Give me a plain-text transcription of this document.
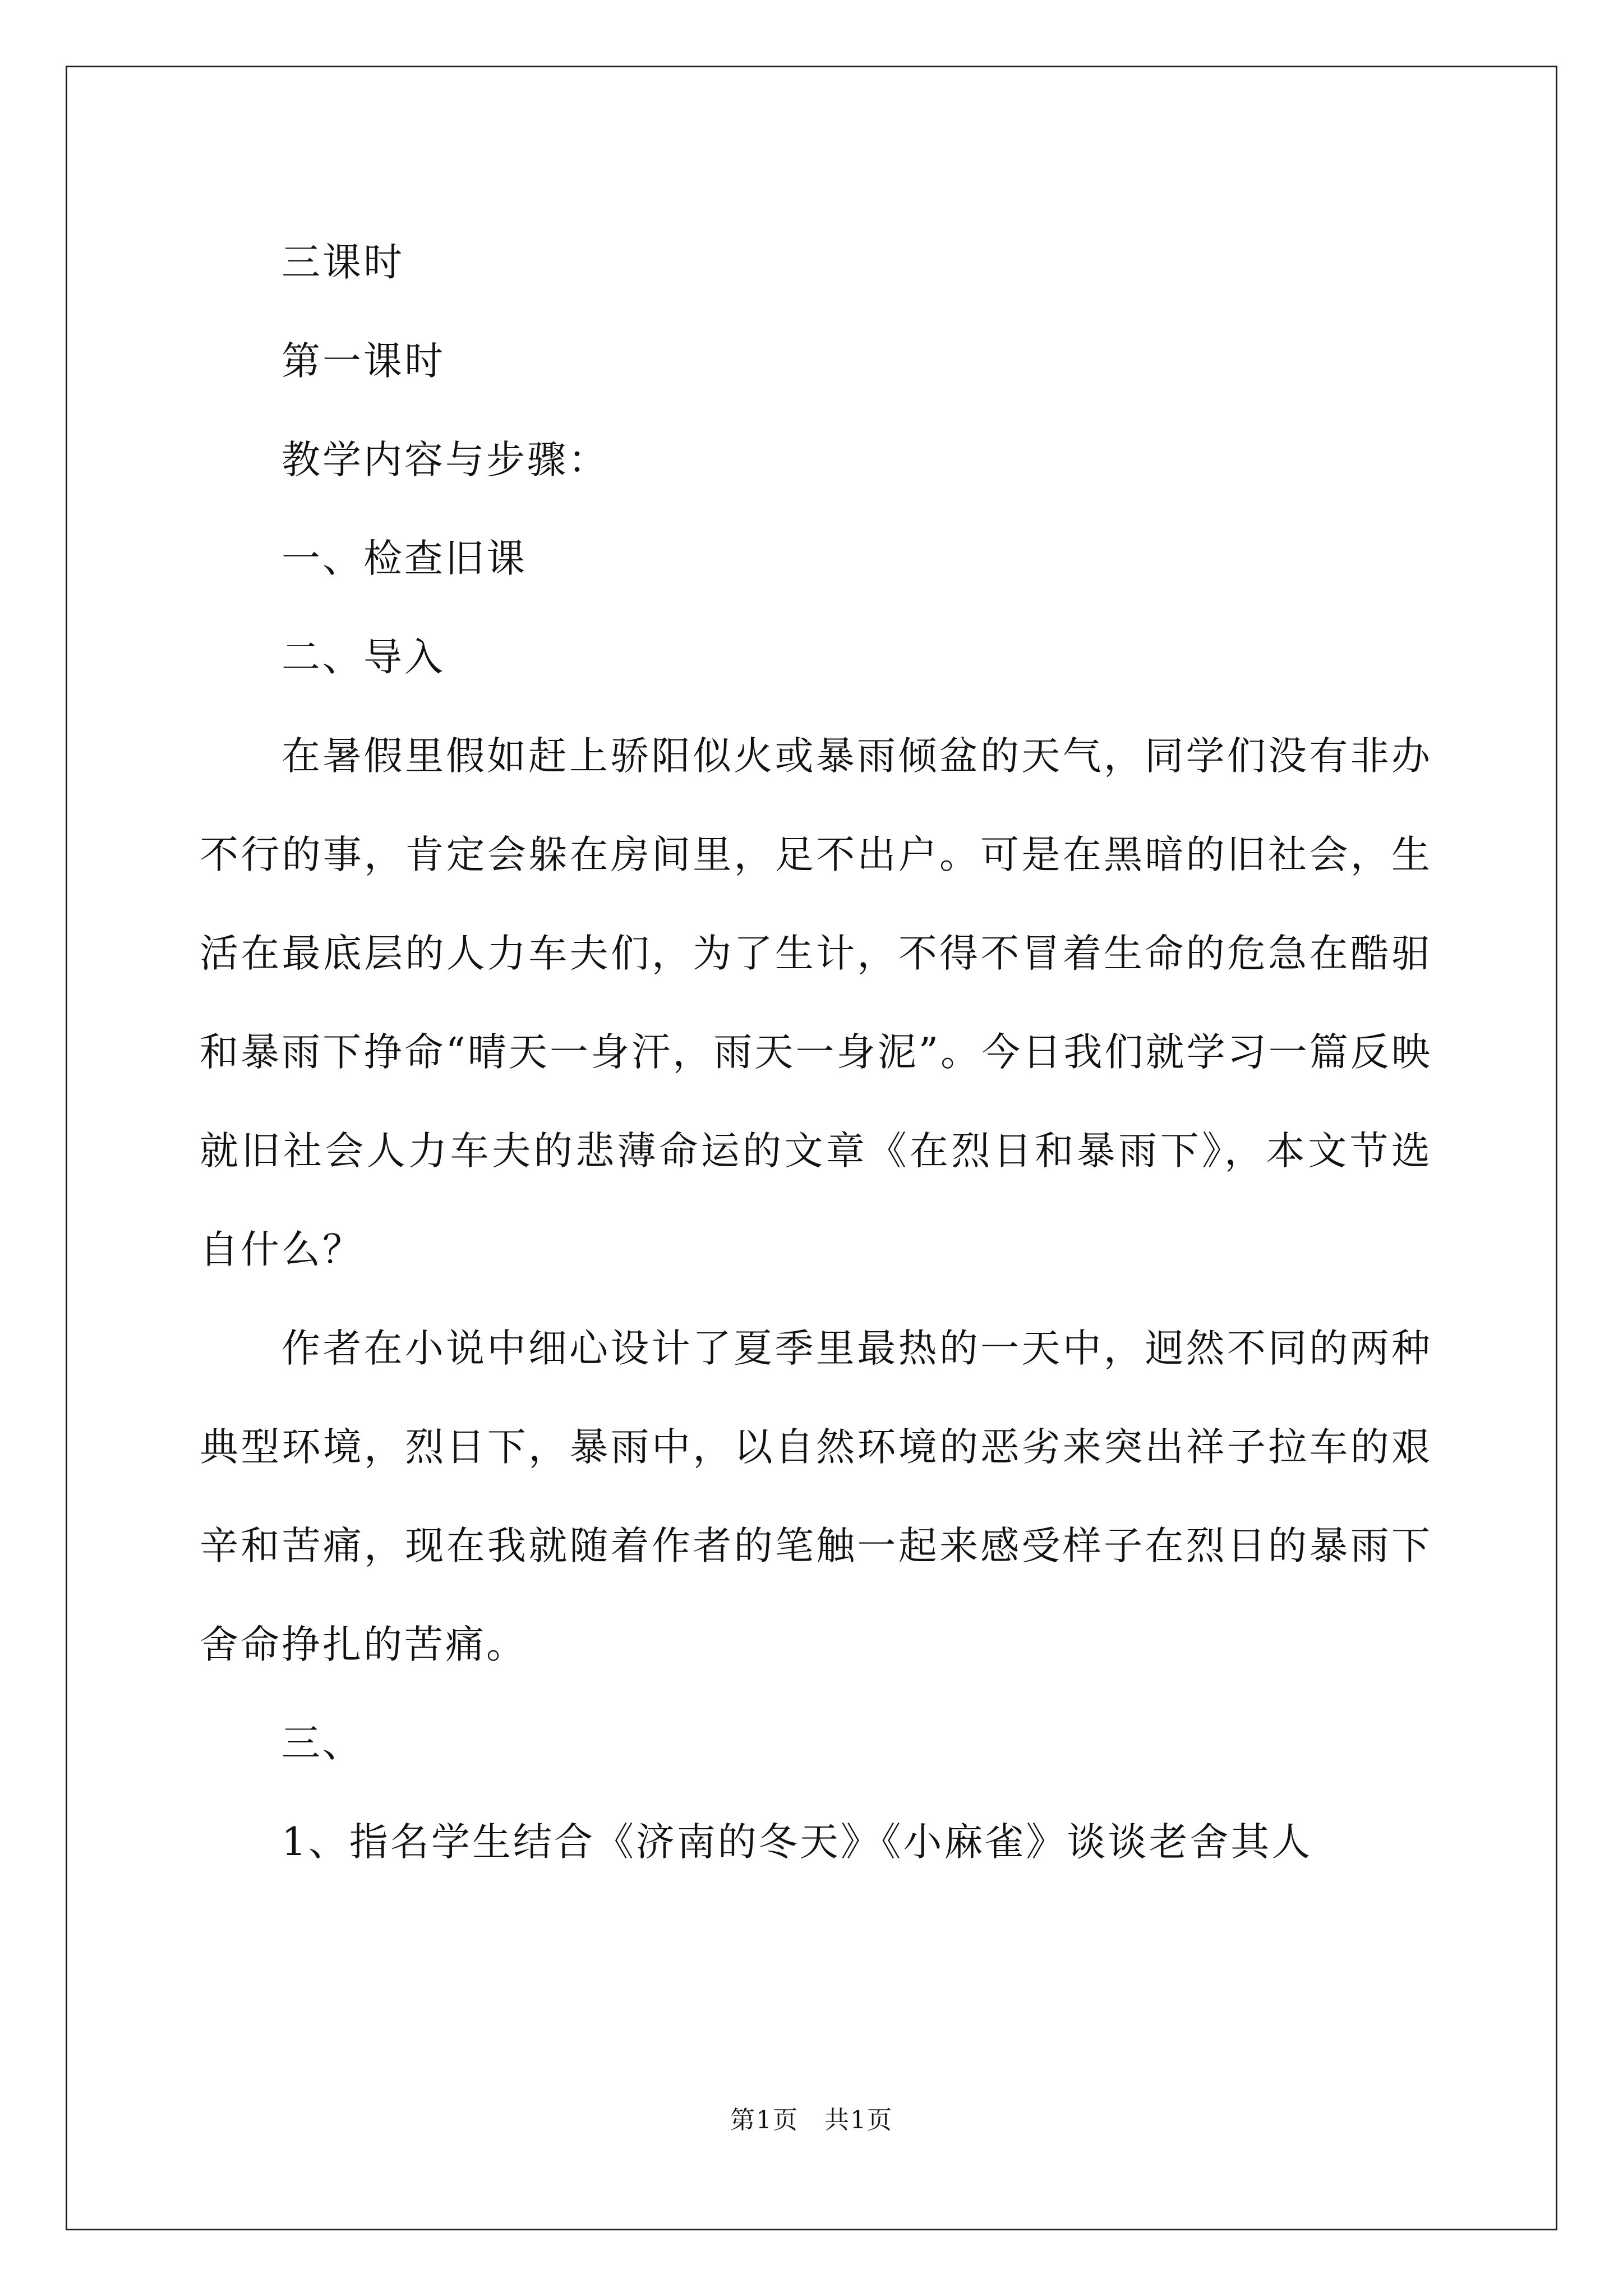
三课时

第一课时

教学内容与步骤：

一、检查旧课

二、导入

在暑假里假如赶上骄阳似火或暴雨倾盆的天气，同学们没有非办不行的事，肯定会躲在房间里，足不出户。可是在黑暗的旧社会，生活在最底层的人力车夫们，为了生计，不得不冒着生命的危急在酷驲和暴雨下挣命“晴天一身汗，雨天一身泥”。今日我们就学习一篇反映就旧社会人力车夫的悲薄命运的文章《在烈日和暴雨下》，本文节选自什么？

作者在小说中细心设计了夏季里最热的一天中，迥然不同的两种典型环境，烈日下，暴雨中，以自然环境的恶劣来突出祥子拉车的艰辛和苦痛，现在我就随着作者的笔触一起来感受样子在烈日的暴雨下舍命挣扎的苦痛。

三、

1、指名学生结合《济南的冬天》《小麻雀》谈谈老舍其人

第1页 共1页
